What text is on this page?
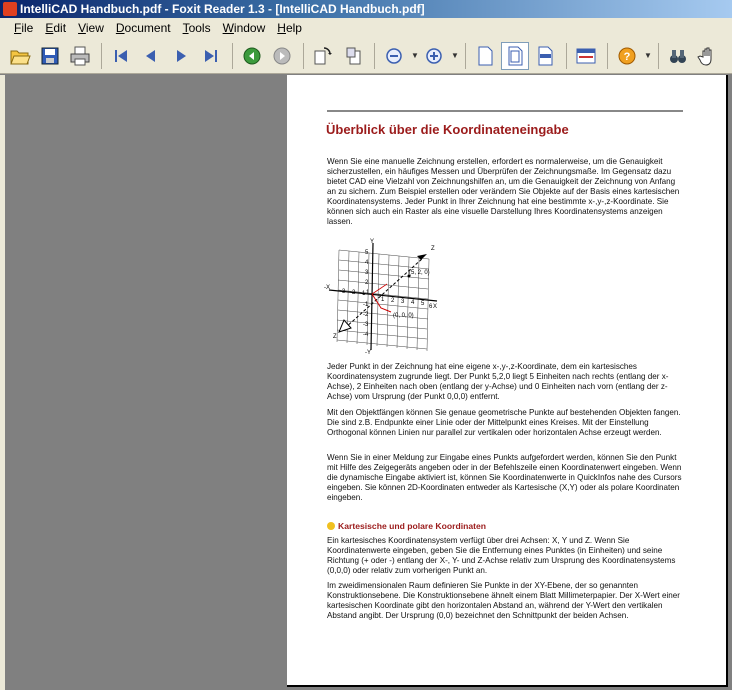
IntelliCAD Handbuch.pdf - Foxit Reader 1.3 - [IntelliCAD Handbuch.pdf]
File	Edit	View	Document	Tools	Window	Help
▼	▼	? ▼
Überblick über die Koordinateneingabe
Wenn Sie eine manuelle Zeichnung erstellen, erfordert es normalerweise, um die Genauigkeit sicherzustellen, ein häufiges Messen und Überprüfen der Zeichnungsmaße. Im Gegensatz dazu bietet CAD eine Vielzahl von Zeichnungshilfen an, um die Genauigkeit der Zeichnung von Anfang an zu sichern. Zum Beispiel erstellen oder verändern Sie Objekte auf der Basis eines kartesischen Koordinatensystems. Jeder Punkt in Ihrer Zeichnung hat eine bestimmte x-,y-,z-Koordinate. Sie können sich auch ein Raster als eine visuelle Darstellung Ihres Koordinatensystems anzeigen lassen.
Y
-Y
X
-X
Z
Z
(5, 2, 0)
(0, 0, 0)
5
4
3
2
1
-1
-2
-3
-4
-3 -2 -1
1 2 3 4 5 6
Jeder Punkt in der Zeichnung hat eine eigene x-,y-,z-Koordinate, dem ein kartesisches Koordinatensystem zugrunde liegt. Der Punkt 5,2,0 liegt 5 Einheiten nach rechts (entlang der x-Achse), 2 Einheiten nach oben (entlang der y-Achse) und 0 Einheiten nach vorn (entlang der z-Achse) vom Ursprung (der Punkt 0,0,0) entfernt.
Mit den Objektfängen können Sie genaue geometrische Punkte auf bestehenden Objekten fangen. Die sind z.B. Endpunkte einer Linie oder der Mittelpunkt eines Kreises. Mit der Einstellung Orthogonal können Linien nur parallel zur vertikalen oder horizontalen Achse erzeugt werden.
Wenn Sie in einer Meldung zur Eingabe eines Punkts aufgefordert werden, können Sie den Punkt mit Hilfe des Zeigegeräts angeben oder in der Befehlszeile einen Koordinatenwert eingeben. Wenn die dynamische Eingabe aktiviert ist, können Sie Koordinatenwerte in QuickInfos nahe des Cursors eingeben. Sie können 2D-Koordinaten entweder als Kartesische (X,Y) oder als polare Koordinaten eingeben.
Kartesische und polare Koordinaten
Ein kartesisches Koordinatensystem verfügt über drei Achsen: X, Y und Z. Wenn Sie Koordinatenwerte eingeben, geben Sie die Entfernung eines Punktes (in Einheiten) und seine Richtung (+ oder -) entlang der X-, Y- und Z-Achse relativ zum Ursprung des Koordinatensystems (0,0,0) oder relativ zum vorherigen Punkt an.
Im zweidimensionalen Raum definieren Sie Punkte in der XY-Ebene, der so genannten Konstruktionsebene. Die Konstruktionsebene ähnelt einem Blatt Millimeterpapier. Der X-Wert einer kartesischen Koordinate gibt den horizontalen Abstand an, während der Y-Wert den vertikalen Abstand angibt. Der Ursprung (0,0) bezeichnet den Schnittpunkt der beiden Achsen.
